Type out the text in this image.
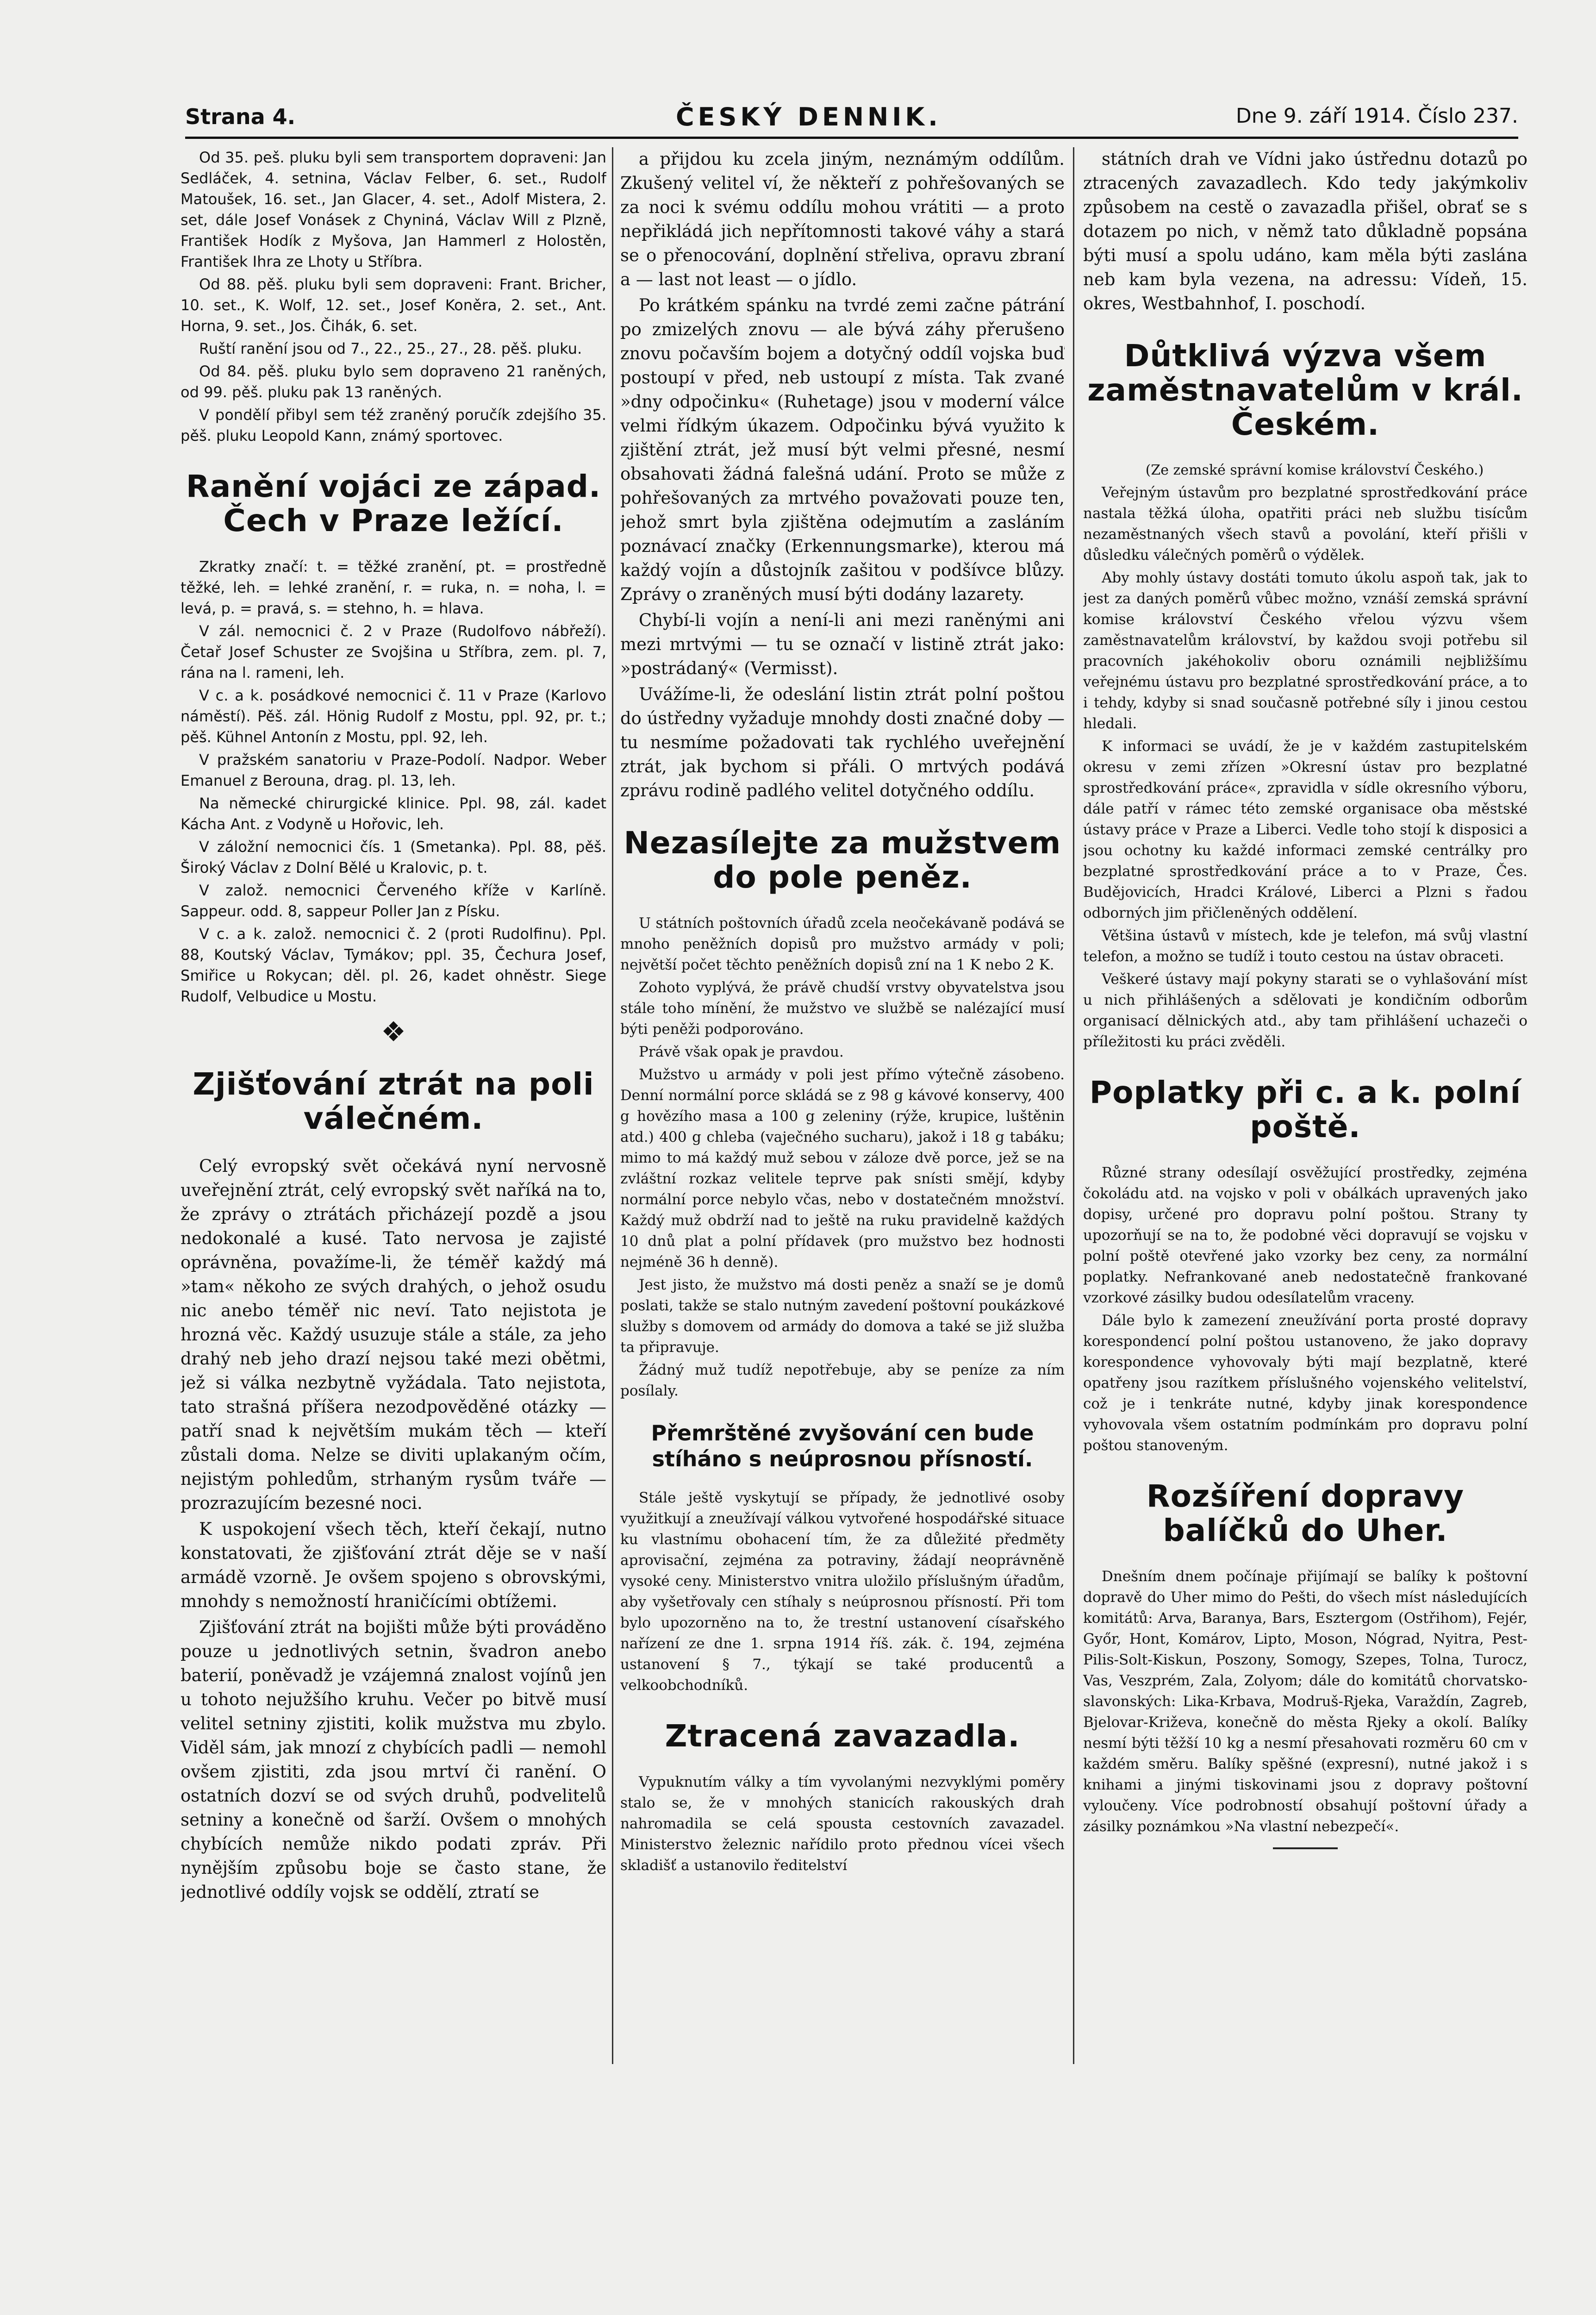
Strana 4.	ČESKÝ DENNIK.	Dne 9. září 1914. Číslo 237.

Od 35. peš. pluku byli sem transportem dopraveni: Jan Sedláček, 4. setnina, Václav Felber, 6. set., Rudolf Matoušek, 16. set., Jan Glacer, 4. set., Adolf Mistera, 2. set, dále Josef Vonásek z Chyniná, Václav Will z Plzně, František Hodík z Myšova, Jan Hammerl z Holostěn, František Ihra ze Lhoty u Stříbra.

Od 88. pěš. pluku byli sem dopraveni: Frant. Bricher, 10. set., K. Wolf, 12. set., Josef Koněra, 2. set., Ant. Horna, 9. set., Jos. Čihák, 6. set.

Ruští ranění jsou od 7., 22., 25., 27., 28. pěš. pluku.

Od 84. pěš. pluku bylo sem dopraveno 21 raněných, od 99. pěš. pluku pak 13 raněných.

V pondělí přibyl sem též zraněný poručík zdejšího 35. pěš. pluku Leopold Kann, známý sportovec.

Ranění vojáci ze západ. Čech v Praze ležící.

Zkratky značí: t. = těžké zranění, pt. = prostředně těžké, leh. = lehké zranění, r. = ruka, n. = noha, l. = levá, p. = pravá, s. = stehno, h. = hlava.

V zál. nemocnici č. 2 v Praze (Rudolfovo nábřeží). Četař Josef Schuster ze Svojšina u Stříbra, zem. pl. 7, rána na l. rameni, leh.

V c. a k. posádkové nemocnici č. 11 v Praze (Karlovo náměstí). Pěš. zál. Hönig Rudolf z Mostu, ppl. 92, pr. t.; pěš. Kühnel Antonín z Mostu, ppl. 92, leh.

V pražském sanatoriu v Praze-Podolí. Nadpor. Weber Emanuel z Berouna, drag. pl. 13, leh.

Na německé chirurgické klinice. Ppl. 98, zál. kadet Kácha Ant. z Vodyně u Hořovic, leh.

V záložní nemocnici čís. 1 (Smetanka). Ppl. 88, pěš. Široký Václav z Dolní Bělé u Kralovic, p. t.

V založ. nemocnici Červeného kříže v Karlíně. Sappeur. odd. 8, sappeur Poller Jan z Písku.

V c. a k. založ. nemocnici č. 2 (proti Rudolfinu). Ppl. 88, Koutský Václav, Tymákov; ppl. 35, Čechura Josef, Smiřice u Rokycan; děl. pl. 26, kadet ohněstr. Siege Rudolf, Velbudice u Mostu.

❖
Zjišťování ztrát na poli válečném.

Celý evropský svět očekává nyní nervosně uveřejnění ztrát, celý evropský svět naříká na to, že zprávy o ztrátách přicházejí pozdě a jsou nedokonalé a kusé. Tato nervosa je zajisté oprávněna, považíme-li, že téměř každý má »tam« někoho ze svých drahých, o jehož osudu nic anebo téměř nic neví. Tato nejistota je hrozná věc. Každý usuzuje stále a stále, za jeho drahý neb jeho drazí nejsou také mezi obětmi, jež si válka nezbytně vyžádala. Tato nejistota, tato strašná příšera nezodpověděné otázky — patří snad k největším mukám těch — kteří zůstali doma. Nelze se diviti uplakaným očím, nejistým pohledům, strhaným rysům tváře — prozrazujícím bezesné noci.

K uspokojení všech těch, kteří čekají, nutno konstatovati, že zjišťování ztrát děje se v naší armádě vzorně. Je ovšem spojeno s obrovskými, mnohdy s nemožností hraničícími obtížemi.

Zjišťování ztrát na bojišti může býti prováděno pouze u jednotlivých setnin, švadron anebo baterií, poněvadž je vzájemná znalost vojínů jen u tohoto nejužšího kruhu. Večer po bitvě musí velitel setniny zjistiti, kolik mužstva mu zbylo. Viděl sám, jak mnozí z chybících padli — nemohl ovšem zjistiti, zda jsou mrtví či ranění. O ostatních dozví se od svých druhů, podvelitelů setniny a konečně od šarží. Ovšem o mnohých chybících nemůže nikdo podati zpráv. Při nynějším způsobu boje se často stane, že jednotlivé oddíly vojsk se oddělí, ztratí se

a přijdou ku zcela jiným, neznámým oddílům. Zkušený velitel ví, že někteří z pohřešovaných se za noci k svému oddílu mohou vrátiti — a proto nepřikládá jich nepřítomnosti takové váhy a stará se o přenocování, doplnění střeliva, opravu zbraní a — last not least — o jídlo.

Po krátkém spánku na tvrdé zemi začne pátrání po zmizelých znovu — ale bývá záhy přerušeno znovu počavším bojem a dotyčný oddíl vojska buď postoupí v před, neb ustoupí z místa. Tak zvané »dny odpočinku« (Ruhetage) jsou v moderní válce velmi řídkým úkazem. Odpočinku bývá využito k zjištění ztrát, jež musí být velmi přesné, nesmí obsahovati žádná falešná udání. Proto se může z pohřešovaných za mrtvého považovati pouze ten, jehož smrt byla zjištěna odejmutím a zasláním poznávací značky (Erkennungsmarke), kterou má každý vojín a důstojník zašitou v podšívce blůzy. Zprávy o zraněných musí býti dodány lazarety.

Chybí-li vojín a není-li ani mezi raněnými ani mezi mrtvými — tu se označí v listině ztrát jako: »postrádaný« (Vermisst).

Uvážíme-li, že odeslání listin ztrát polní poštou do ústředny vyžaduje mnohdy dosti značné doby — tu nesmíme požadovati tak rychlého uveřejnění ztrát, jak bychom si přáli. O mrtvých podává zprávu rodině padlého velitel dotyčného oddílu.

Nezasílejte za mužstvem do pole peněz.

U státních poštovních úřadů zcela neočekávaně podává se mnoho peněžních dopisů pro mužstvo armády v poli; největší počet těchto peněžních dopisů zní na 1 K nebo 2 K.

Zohoto vyplývá, že právě chudší vrstvy obyvatelstva jsou stále toho mínění, že mužstvo ve službě se nalézající musí býti peněži podporováno.

Právě však opak je pravdou.

Mužstvo u armády v poli jest přímo výtečně zásobeno. Denní normální porce skládá se z 98 g kávové konservy, 400 g hovězího masa a 100 g zeleniny (rýže, krupice, luštěnin atd.) 400 g chleba (vaječného sucharu), jakož i 18 g tabáku; mimo to má každý muž sebou v záloze dvě porce, jež se na zvláštní rozkaz velitele teprve pak snísti smějí, kdyby normální porce nebylo včas, nebo v dostatečném množství. Každý muž obdrží nad to ještě na ruku pravidelně každých 10 dnů plat a polní přídavek (pro mužstvo bez hodnosti nejméně 36 h denně).

Jest jisto, že mužstvo má dosti peněz a snaží se je domů poslati, takže se stalo nutným zavedení poštovní poukázkové služby s domovem od armády do domova a také se již služba ta připravuje.

Žádný muž tudíž nepotřebuje, aby se peníze za ním posílaly.

Přemrštěné zvyšování cen bude stíháno s neúprosnou přísností.

Stále ještě vyskytují se případy, že jednotlivé osoby využitkují a zneužívají válkou vytvořené hospodářské situace ku vlastnímu obohacení tím, že za důležité předměty aprovisační, zejména za potraviny, žádají neoprávněně vysoké ceny. Ministerstvo vnitra uložilo příslušným úřadům, aby vyšetřovaly cen stíhaly s neúprosnou přísností. Při tom bylo upozorněno na to, že trestní ustanovení císařského nařízení ze dne 1. srpna 1914 říš. zák. č. 194, zejména ustanovení § 7., týkají se také producentů a velkoobchodníků.

Ztracená zavazadla.

Vypuknutím války a tím vyvolanými nezvyklými poměry stalo se, že v mnohých stanicích rakouských drah nahromadila se celá spousta cestovních zavazadel. Ministerstvo železnic nařídilo proto přednou vícei všech skladišť a ustanovilo ředitelství

státních drah ve Vídni jako ústřednu dotazů po ztracených zavazadlech. Kdo tedy jakýmkoliv způsobem na cestě o zavazadla přišel, obrať se s dotazem po nich, v němž tato důkladně popsána býti musí a spolu udáno, kam měla býti zaslána neb kam byla vezena, na adressu: Vídeň, 15. okres, Westbahnhof, I. poschodí.

Důtklivá výzva všem zaměstnavatelům v král. Českém.

(Ze zemské správní komise království Českého.)

Veřejným ústavům pro bezplatné sprostředkování práce nastala těžká úloha, opatřiti práci neb službu tisícům nezaměstnaných všech stavů a povolání, kteří přišli v důsledku válečných poměrů o výdělek.

Aby mohly ústavy dostáti tomuto úkolu aspoň tak, jak to jest za daných poměrů vůbec možno, vznáší zemská správní komise království Českého vřelou výzvu všem zaměstnavatelům království, by každou svoji potřebu sil pracovních jakéhokoliv oboru oznámili nejbližšímu veřejnému ústavu pro bezplatné sprostředkování práce, a to i tehdy, kdyby si snad současně potřebné síly i jinou cestou hledali.

K informaci se uvádí, že je v každém zastupitelském okresu v zemi zřízen »Okresní ústav pro bezplatné sprostředkování práce«, zpravidla v sídle okresního výboru, dále patří v rámec této zemské organisace oba městské ústavy práce v Praze a Liberci. Vedle toho stojí k disposici a jsou ochotny ku každé informaci zemské centrálky pro bezplatné sprostředkování práce a to v Praze, Čes. Budějovicích, Hradci Králové, Liberci a Plzni s řadou odborných jim přičleněných oddělení.

Většina ústavů v místech, kde je telefon, má svůj vlastní telefon, a možno se tudíž i touto cestou na ústav obraceti.

Veškeré ústavy mají pokyny starati se o vyhlašování míst u nich přihlášených a sdělovati je kondičním odborům organisací dělnických atd., aby tam přihlášení uchazeči o příležitosti ku práci zvěděli.

Poplatky při c. a k. polní poště.

Různé strany odesílají osvěžující prostředky, zejména čokoládu atd. na vojsko v poli v obálkách upravených jako dopisy, určené pro dopravu polní poštou. Strany ty upozorňují se na to, že podobné věci dopravují se vojsku v polní poště otevřené jako vzorky bez ceny, za normální poplatky. Nefrankované aneb nedostatečně frankované vzorkové zásilky budou odesílatelům vraceny.

Dále bylo k zamezení zneužívání porta prosté dopravy korespondencí polní poštou ustanoveno, že jako dopravy korespondence vyhovovaly býti mají bezplatně, které opatřeny jsou razítkem příslušného vojenského velitelství, což je i tenkráte nutné, kdyby jinak korespondence vyhovovala všem ostatním podmínkám pro dopravu polní poštou stanoveným.

Rozšíření dopravy balíčků do Uher.

Dnešním dnem počínaje přijímají se balíky k poštovní dopravě do Uher mimo do Pešti, do všech míst následujících komitátů: Arva, Baranya, Bars, Esztergom (Ostřihom), Fejér, Győr, Hont, Komárov, Lipto, Moson, Nógrad, Nyitra, Pest-Pilis-Solt-Kiskun, Poszony, Somogy, Szepes, Tolna, Turocz, Vas, Veszprém, Zala, Zolyom; dále do komitátů chorvatsko-slavonských: Lika-Krbava, Modruš-Rjeka, Varaždín, Zagreb, Bjelovar-Križeva, konečně do města Rjeky a okolí. Balíky nesmí býti těžší 10 kg a nesmí přesahovati rozměru 60 cm v každém směru. Balíky spěšné (expresní), nutné jakož i s knihami a jinými tiskovinami jsou z dopravy poštovní vyloučeny. Více podrobností obsahují poštovní úřady a zásilky poznámkou »Na vlastní nebezpečí«.
